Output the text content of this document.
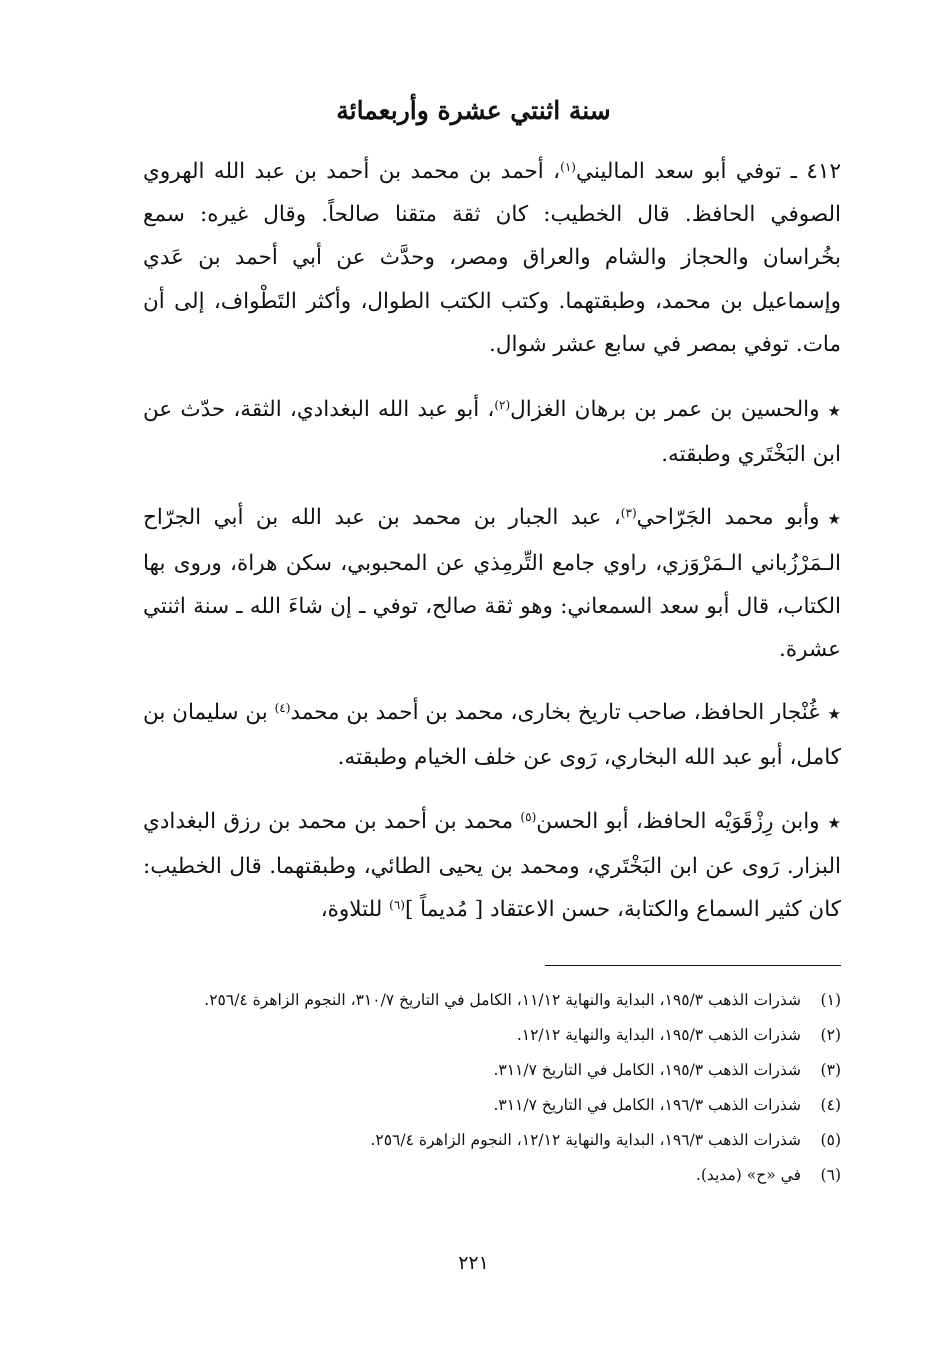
سنة اثنتي عشرة وأربعمائة

٤١٢ ـ توفي أبو سعد الماليني$^{(١)}$، أحمد بن محمد بن أحمد بن عبد الله الهروي الصوفي الحافظ. قال الخطيب: كان ثقة متقنا صالحاً. وقال غيره: سمع بخُراسان والحجاز والشام والعراق ومصر، وحدَّث عن أبي أحمد بن عَدي وإسماعيل بن محمد، وطبقتهما. وكتب الكتب الطوال، وأكثر التَطْواف، إلى أن مات. توفي بمصر في سابع عشر شوال.

★والحسين بن عمر بن برهان الغزال$^{(٢)}$، أبو عبد الله البغدادي، الثقة، حدّث عن ابن البَخْتَري وطبقته.

★وأبو محمد الجَرّاحي$^{(٣)}$، عبد الجبار بن محمد بن عبد الله بن أبي الجرّاح الـمَرْزُباني الـمَرْوَزي، راوي جامع التِّرمِذي عن المحبوبي، سكن هراة، وروى بها الكتاب، قال أبو سعد السمعاني: وهو ثقة صالح، توفي ـ إن شاءَ الله ـ سنة اثنتي عشرة.

★غُنْجار الحافظ، صاحب تاريخ بخارى، محمد بن أحمد بن محمد$^{(٤)}$ بن سليمان بن كامل، أبو عبد الله البخاري، رَوى عن خلف الخيام وطبقته.

★وابن رِزْقَوَيْه الحافظ، أبو الحسن$^{(٥)}$ محمد بن أحمد بن محمد بن رزق البغدادي البزار. رَوى عن ابن البَخْتَري، ومحمد بن يحيى الطائي، وطبقتهما. قال الخطيب: كان كثير السماع والكتابة، حسن الاعتقاد [ مُديماً ]$^{(٦)}$ للتلاوة،

(١)
شذرات الذهب ١٩٥/٣، البداية والنهاية ١١/١٢، الكامل في التاريخ ٣١٠/٧، النجوم الزاهرة ٢٥٦/٤.
(٢)
شذرات الذهب ١٩٥/٣، البداية والنهاية ١٢/١٢.
(٣)
شذرات الذهب ١٩٥/٣، الكامل في التاريخ ٣١١/٧.
(٤)
شذرات الذهب ١٩٦/٣، الكامل في التاريخ ٣١١/٧.
(٥)
شذرات الذهب ١٩٦/٣، البداية والنهاية ١٢/١٢، النجوم الزاهرة ٢٥٦/٤.
(٦)
في «ح» (مديد).
٢٢١
